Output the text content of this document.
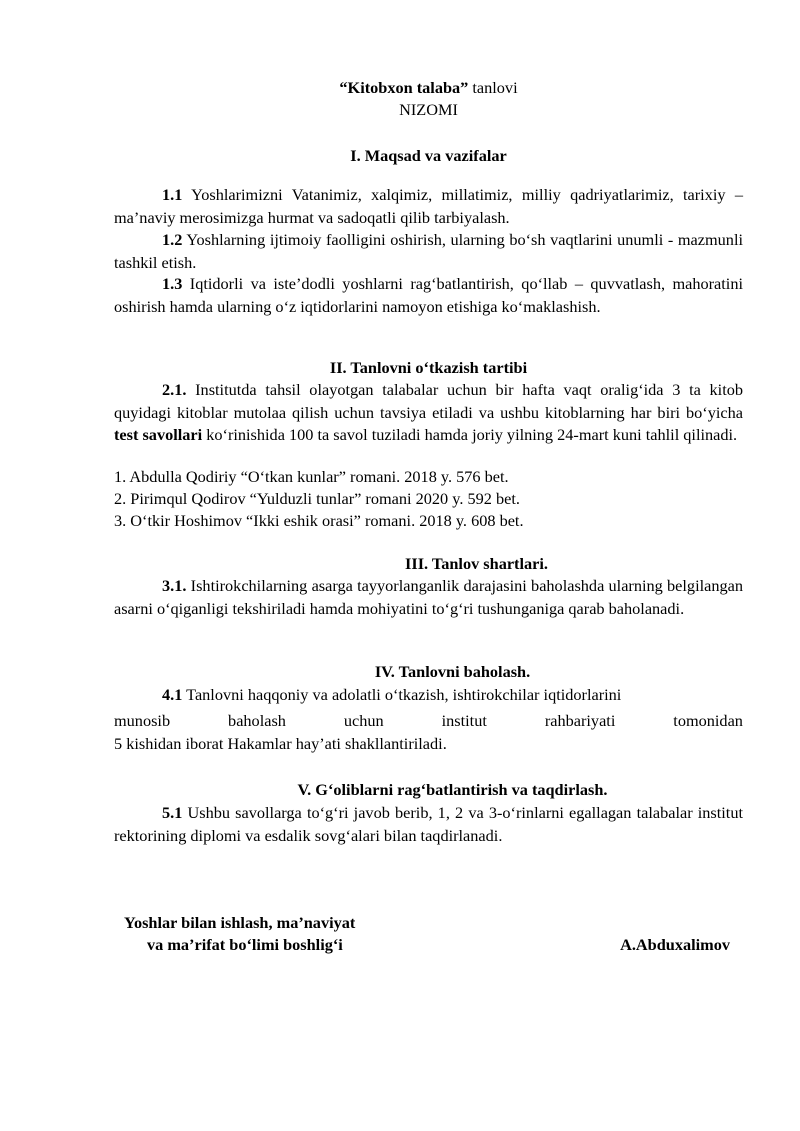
“Kitobxon talaba” tanlovi
NIZOMI
I. Maqsad va vazifalar
1.1 Yoshlarimizni Vatanimiz, xalqimiz, millatimiz, milliy qadriyatlarimiz, tarixiy – ma’naviy merosimizga hurmat va sadoqatli qilib tarbiyalash.
1.2 Yoshlarning ijtimoiy faolligini oshirish, ularning bo‘sh vaqtlarini unumli - mazmunli tashkil etish.
1.3 Iqtidorli va iste’dodli yoshlarni rag‘batlantirish, qo‘llab – quvvatlash, mahoratini oshirish hamda ularning o‘z iqtidorlarini namoyon etishiga ko‘maklashish.
II. Tanlovni o‘tkazish tartibi
2.1. Institutda tahsil olayotgan talabalar uchun bir hafta vaqt oralig‘ida 3 ta kitob quyidagi kitoblar mutolaa qilish uchun tavsiya etiladi va ushbu kitoblarning har biri bo‘yicha test savollari ko‘rinishida 100 ta savol tuziladi hamda joriy yilning 24-mart kuni tahlil qilinadi.
1. Abdulla Qodiriy “O‘tkan kunlar” romani. 2018 y. 576 bet.
2. Pirimqul Qodirov “Yulduzli tunlar” romani 2020 y. 592 bet.
3. O‘tkir Hoshimov “Ikki eshik orasi” romani. 2018 y. 608 bet.
III. Tanlov shartlari.
3.1. Ishtirokchilarning asarga tayyorlanganlik darajasini baholashda ularning belgilangan asarni o‘qiganligi tekshiriladi hamda mohiyatini to‘g‘ri tushunganiga qarab baholanadi.
IV. Tanlovni baholash.
4.1 Tanlovni haqqoniy va adolatli o‘tkazish, ishtirokchilar iqtidorlarini
munosib	baholash	uchun	institut	rahbariyati	tomonidan
5 kishidan iborat Hakamlar hay’ati shakllantiriladi.
V. G‘oliblarni rag‘batlantirish va taqdirlash.
5.1 Ushbu savollarga to‘g‘ri javob berib, 1, 2 va 3-o‘rinlarni egallagan talabalar institut rektorining diplomi va esdalik sovg‘alari bilan taqdirlanadi.
Yoshlar bilan ishlash, ma’naviyat
va ma’rifat bo‘limi boshlig‘i	A.Abduxalimov
